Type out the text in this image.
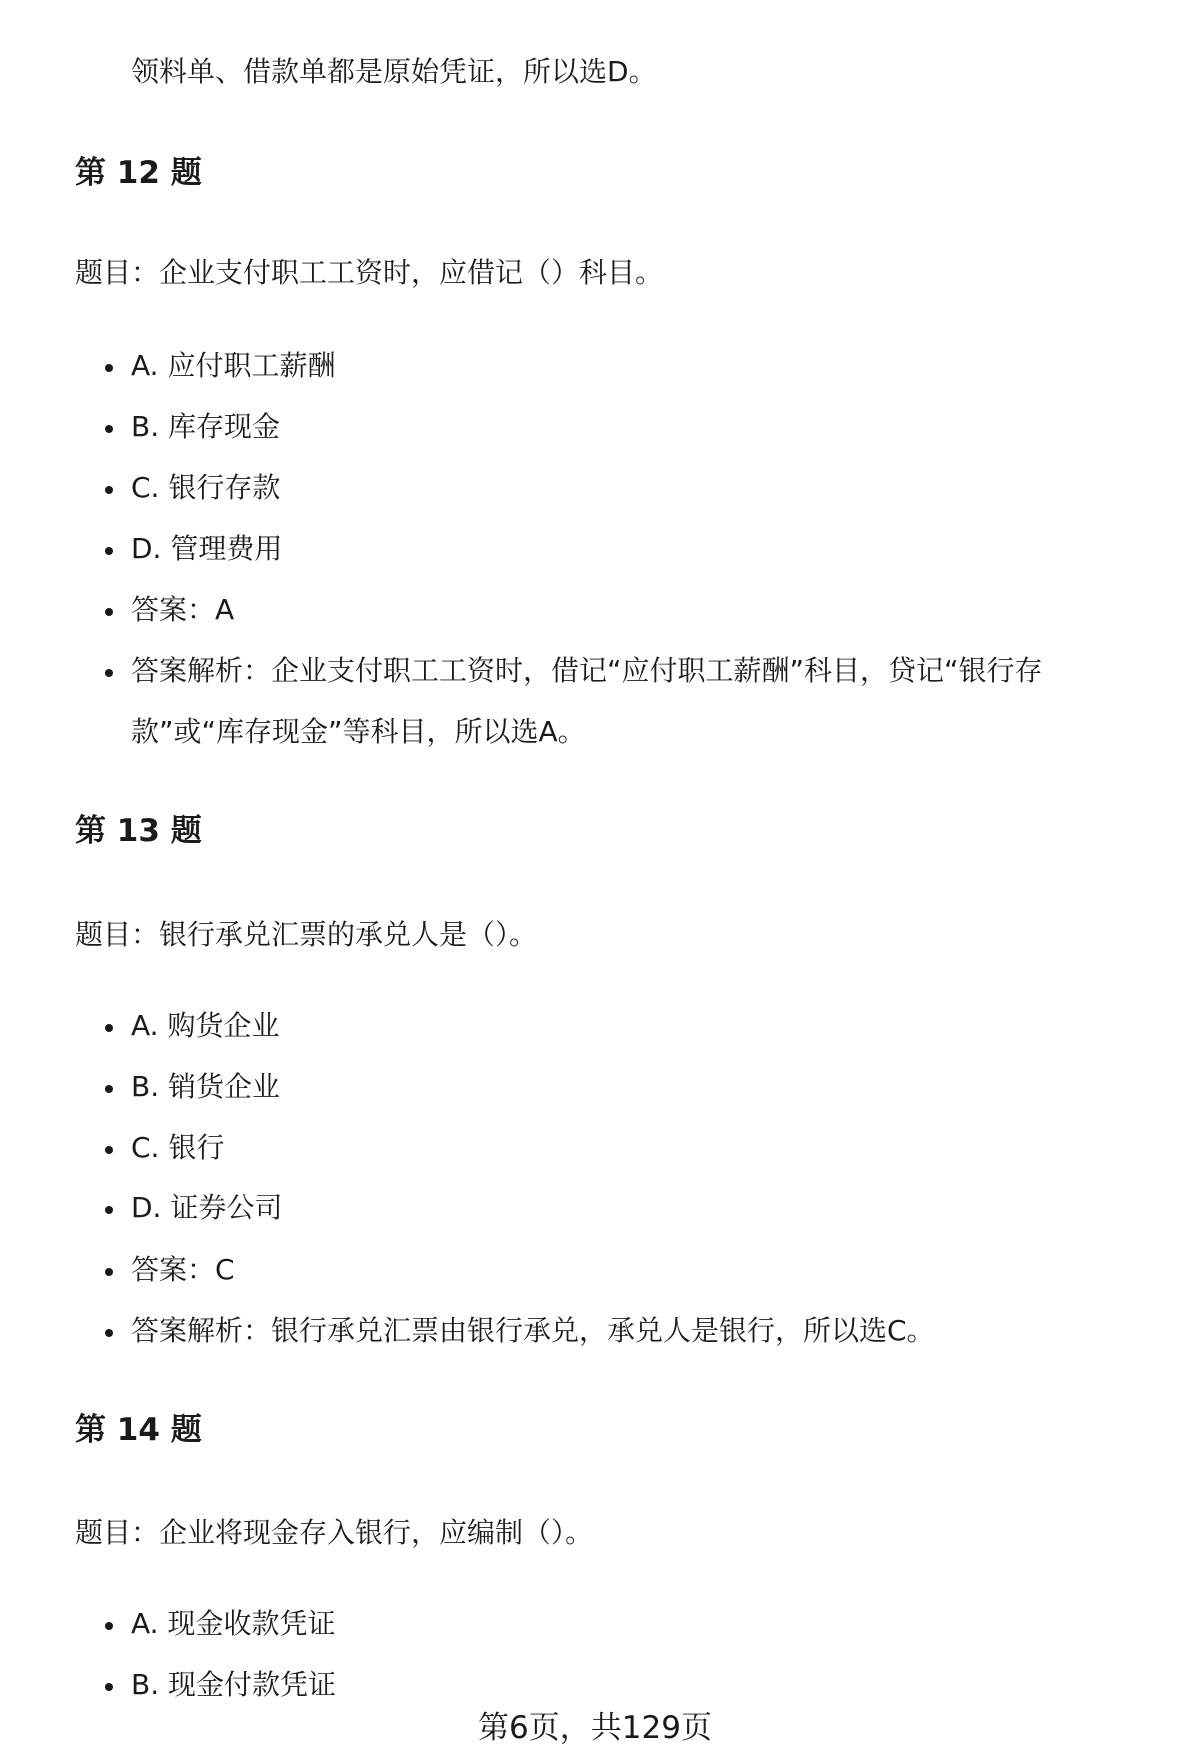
领料单、借款单都是原始凭证，所以选D。

第 12 题

题目：企业支付职工工资时，应借记（）科目。

A. 应付职工薪酬

B. 库存现金

C. 银行存款

D. 管理费用

答案：A

答案解析：企业支付职工工资时，借记“应付职工薪酬”科目，贷记“银行存

款”或“库存现金”等科目，所以选A。

第 13 题

题目：银行承兑汇票的承兑人是（）。

A. 购货企业

B. 销货企业

C. 银行

D. 证券公司

答案：C

答案解析：银行承兑汇票由银行承兑，承兑人是银行，所以选C。

第 14 题

题目：企业将现金存入银行，应编制（）。

A. 现金收款凭证

B. 现金付款凭证

第6页，共129页
